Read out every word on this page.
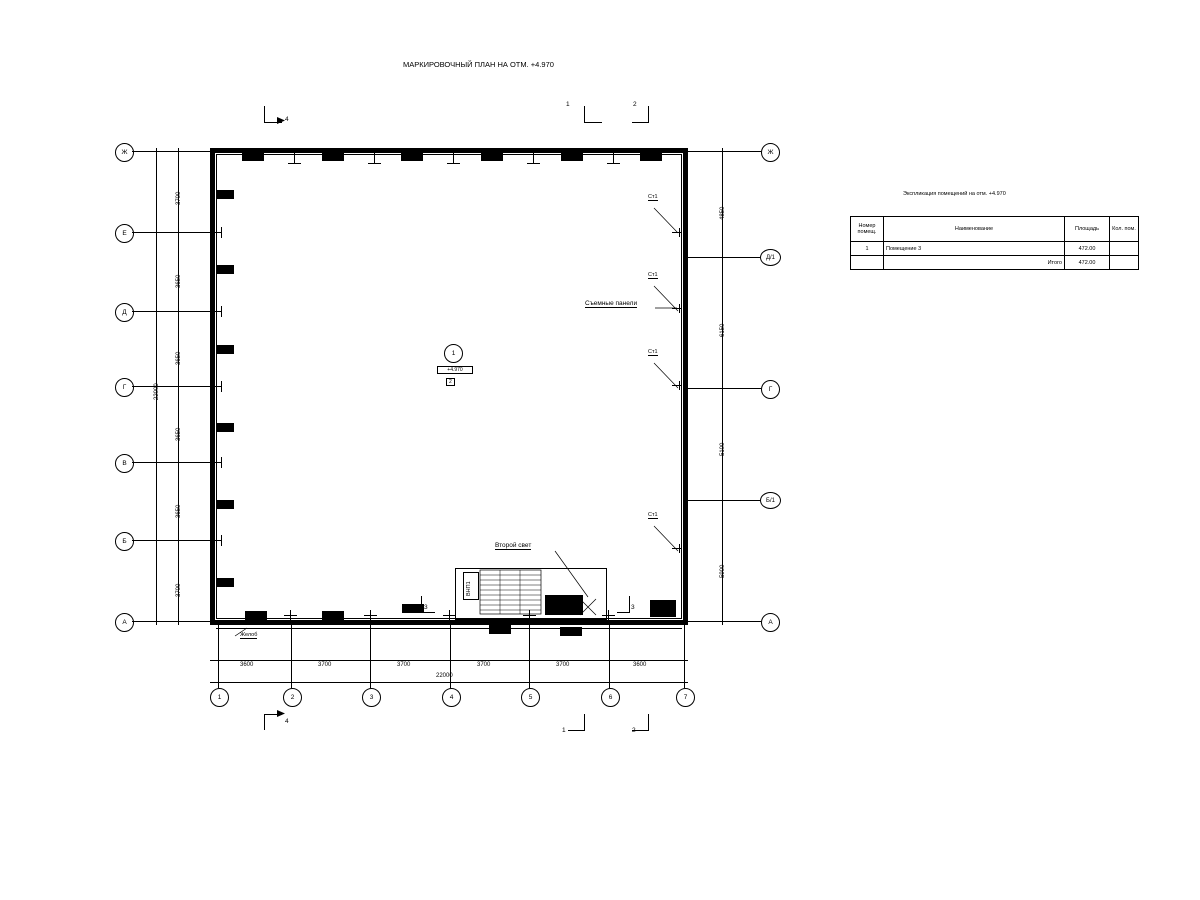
МАРКИРОВОЧНЫЙ ПЛАН НА ОТМ. +4.970
4
1	2
4
1	2
Желоб
Ст1
Ст1
Ст1
Ст1
Съемные панели
1
+4.970
2
ВНП1
Второй свет
3	3
Ж
Е
Д
Г
В
Б
А
Ж
Д/1
Г
Б/1
А
1	2	3	4	5	6	7
3600	3700	3700	3700	3700	3600
22000
3700
3650
3650
3650
3650
3700
22000
4850
6150
5100
5900
Экспликация помещений на отм. +4.970
Номер помещ.	Наименование	Площадь	Кол. пом.
1	Помещение 3	472.00	
	Итого	472.00	
